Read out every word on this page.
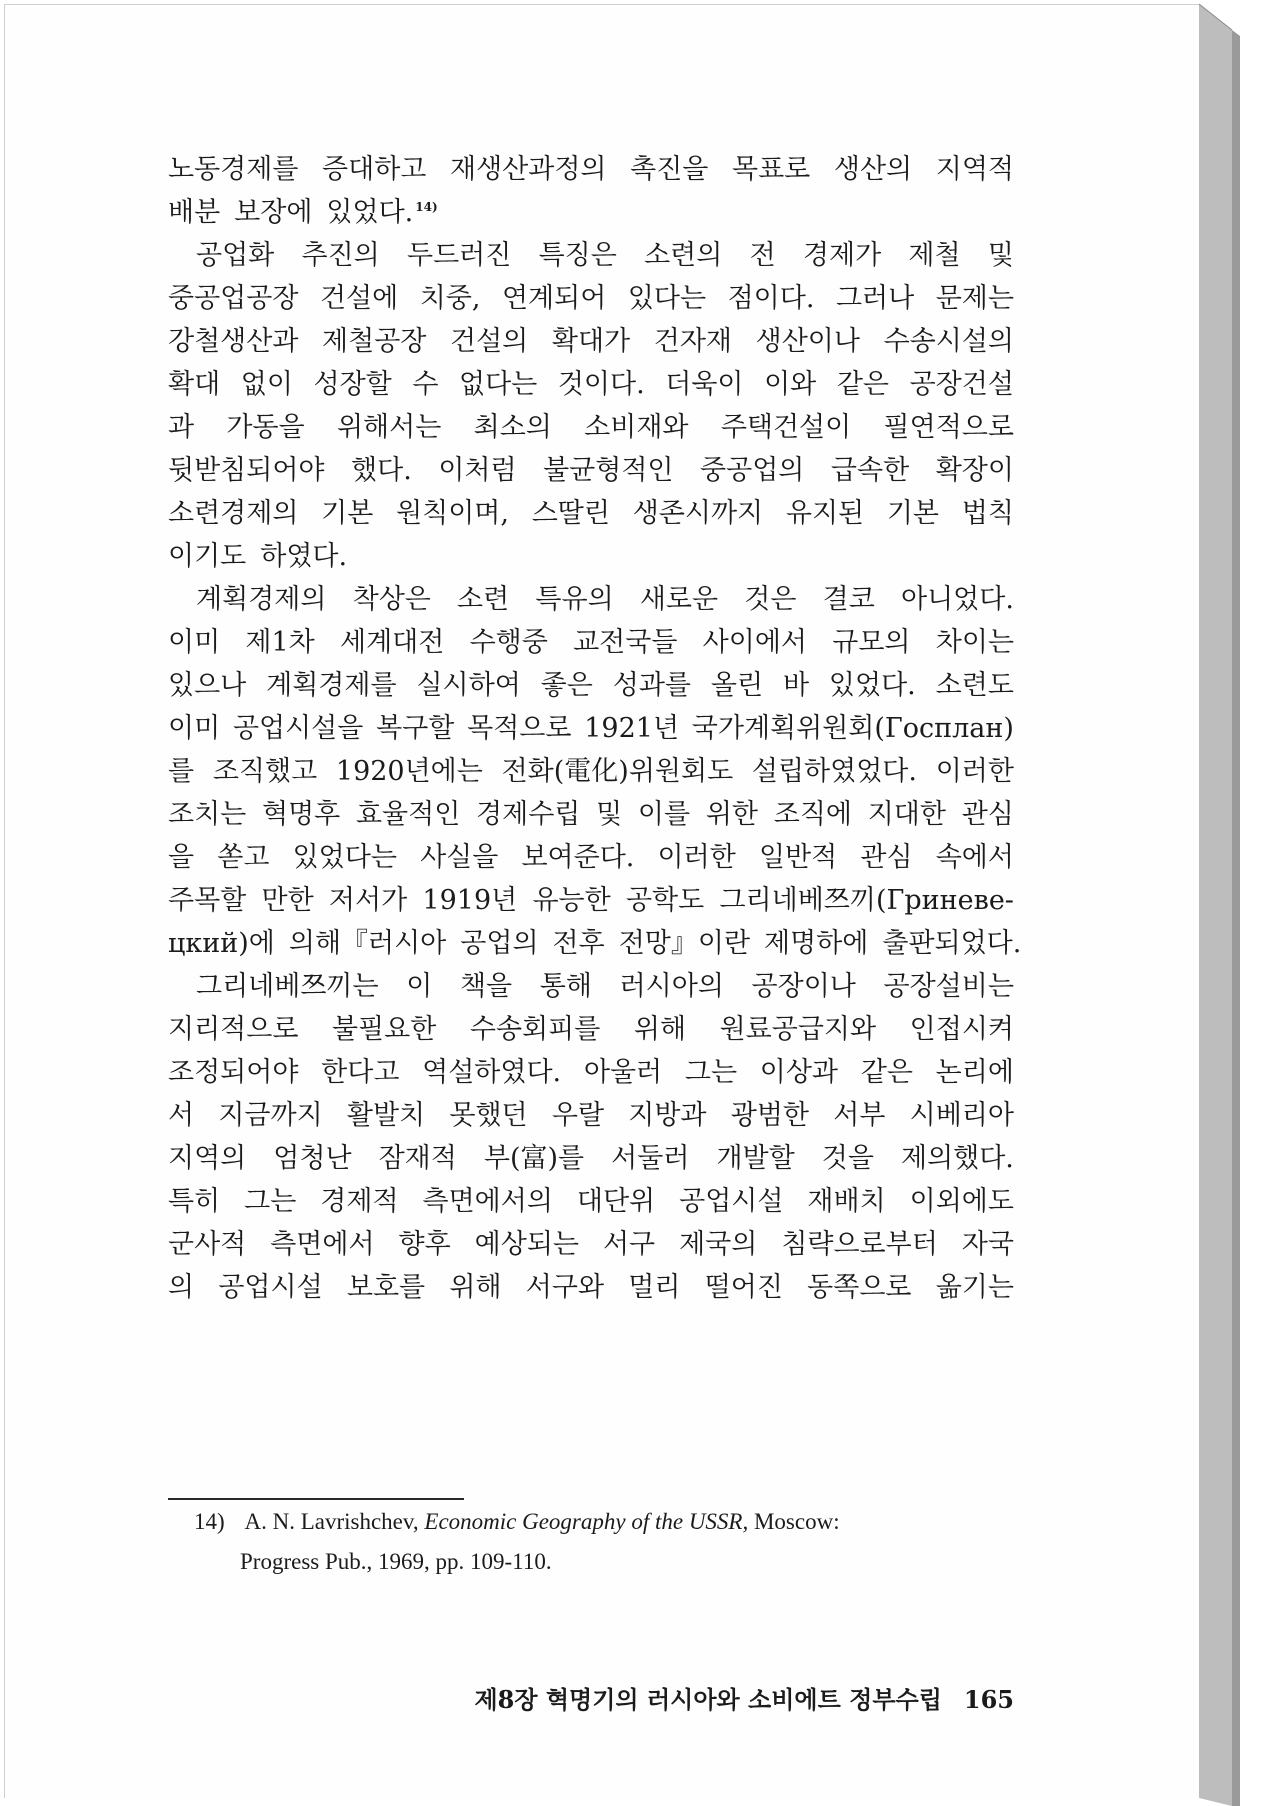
노동경제를 증대하고 재생산과정의 촉진을 목표로 생산의 지역적
배분 보장에 있었다. 14)
공업화 추진의 두드러진 특징은 소련의 전 경제가 제철 및
중공업공장 건설에 치중, 연계되어 있다는 점이다. 그러나 문제는
강철생산과 제철공장 건설의 확대가 건자재 생산이나 수송시설의
확대 없이 성장할 수 없다는 것이다. 더욱이 이와 같은 공장건설
과 가동을 위해서는 최소의 소비재와 주택건설이 필연적으로
뒷받침되어야 했다. 이처럼 불균형적인 중공업의 급속한 확장이
소련경제의 기본 원칙이며, 스딸린 생존시까지 유지된 기본 법칙
이기도 하였다.
계획경제의 착상은 소련 특유의 새로운 것은 결코 아니었다.
이미 제1차 세계대전 수행중 교전국들 사이에서 규모의 차이는
있으나 계획경제를 실시하여 좋은 성과를 올린 바 있었다. 소련도
이미 공업시설을 복구할 목적으로 1921년 국가계획위원회(Госплан)
를 조직했고 1920년에는 전화(電化)위원회도 설립하였었다. 이러한
조치는 혁명후 효율적인 경제수립 및 이를 위한 조직에 지대한 관심
을 쏟고 있었다는 사실을 보여준다. 이러한 일반적 관심 속에서
주목할 만한 저서가 1919년 유능한 공학도 그리네베쯔끼(Гриневе-
цкий)에 의해『러시아 공업의 전후 전망』이란 제명하에 출판되었다.
그리네베쯔끼는 이 책을 통해 러시아의 공장이나 공장설비는
지리적으로 불필요한 수송회피를 위해 원료공급지와 인접시켜
조정되어야 한다고 역설하였다. 아울러 그는 이상과 같은 논리에
서 지금까지 활발치 못했던 우랄 지방과 광범한 서부 시베리아
지역의 엄청난 잠재적 부(富)를 서둘러 개발할 것을 제의했다.
특히 그는 경제적 측면에서의 대단위 공업시설 재배치 이외에도
군사적 측면에서 향후 예상되는 서구 제국의 침략으로부터 자국
의 공업시설 보호를 위해 서구와 멀리 떨어진 동쪽으로 옮기는
14) A. N. Lavrishchev, Economic Geography of the USSR, Moscow:
Progress Pub., 1969, pp. 109-110.
제8장 혁명기의 러시아와 소비에트 정부수립 165
